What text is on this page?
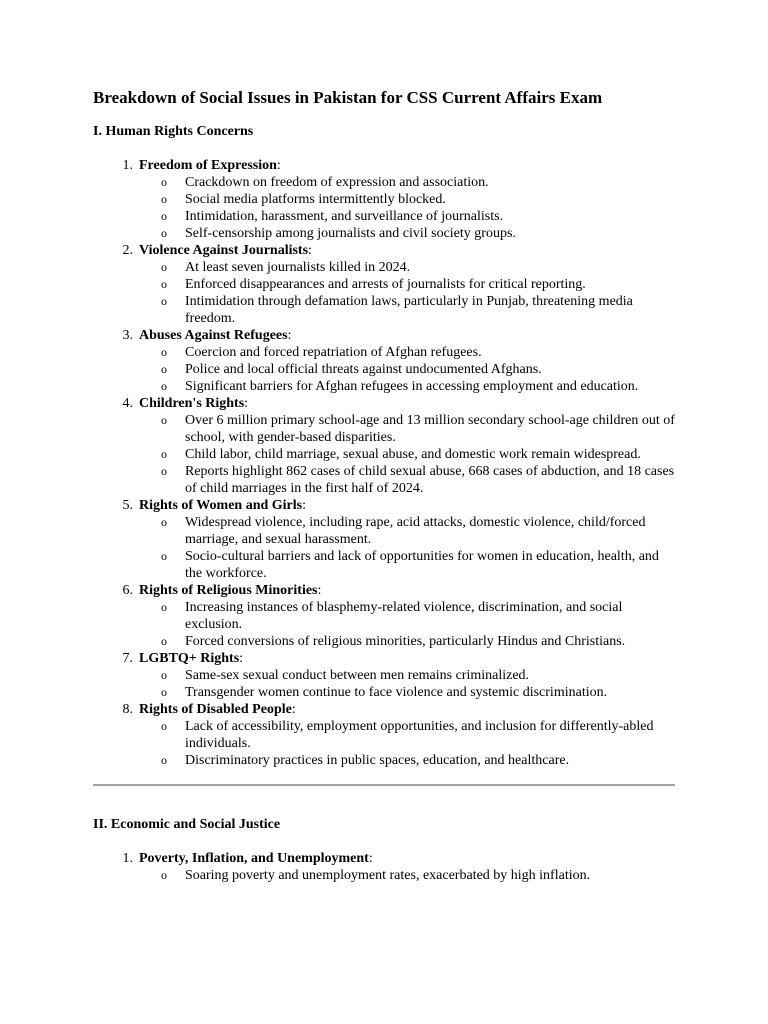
Breakdown of Social Issues in Pakistan for CSS Current Affairs Exam
I. Human Rights Concerns
1. Freedom of Expression:
o Crackdown on freedom of expression and association.
o Social media platforms intermittently blocked.
o Intimidation, harassment, and surveillance of journalists.
o Self-censorship among journalists and civil society groups.
2. Violence Against Journalists:
o At least seven journalists killed in 2024.
o Enforced disappearances and arrests of journalists for critical reporting.
o Intimidation through defamation laws, particularly in Punjab, threatening media freedom.
3. Abuses Against Refugees:
o Coercion and forced repatriation of Afghan refugees.
o Police and local official threats against undocumented Afghans.
o Significant barriers for Afghan refugees in accessing employment and education.
4. Children's Rights:
o Over 6 million primary school-age and 13 million secondary school-age children out of school, with gender-based disparities.
o Child labor, child marriage, sexual abuse, and domestic work remain widespread.
o Reports highlight 862 cases of child sexual abuse, 668 cases of abduction, and 18 cases of child marriages in the first half of 2024.
5. Rights of Women and Girls:
o Widespread violence, including rape, acid attacks, domestic violence, child/forced marriage, and sexual harassment.
o Socio-cultural barriers and lack of opportunities for women in education, health, and the workforce.
6. Rights of Religious Minorities:
o Increasing instances of blasphemy-related violence, discrimination, and social exclusion.
o Forced conversions of religious minorities, particularly Hindus and Christians.
7. LGBTQ+ Rights:
o Same-sex sexual conduct between men remains criminalized.
o Transgender women continue to face violence and systemic discrimination.
8. Rights of Disabled People:
o Lack of accessibility, employment opportunities, and inclusion for differently-abled individuals.
o Discriminatory practices in public spaces, education, and healthcare.
II. Economic and Social Justice
1. Poverty, Inflation, and Unemployment:
o Soaring poverty and unemployment rates, exacerbated by high inflation.
